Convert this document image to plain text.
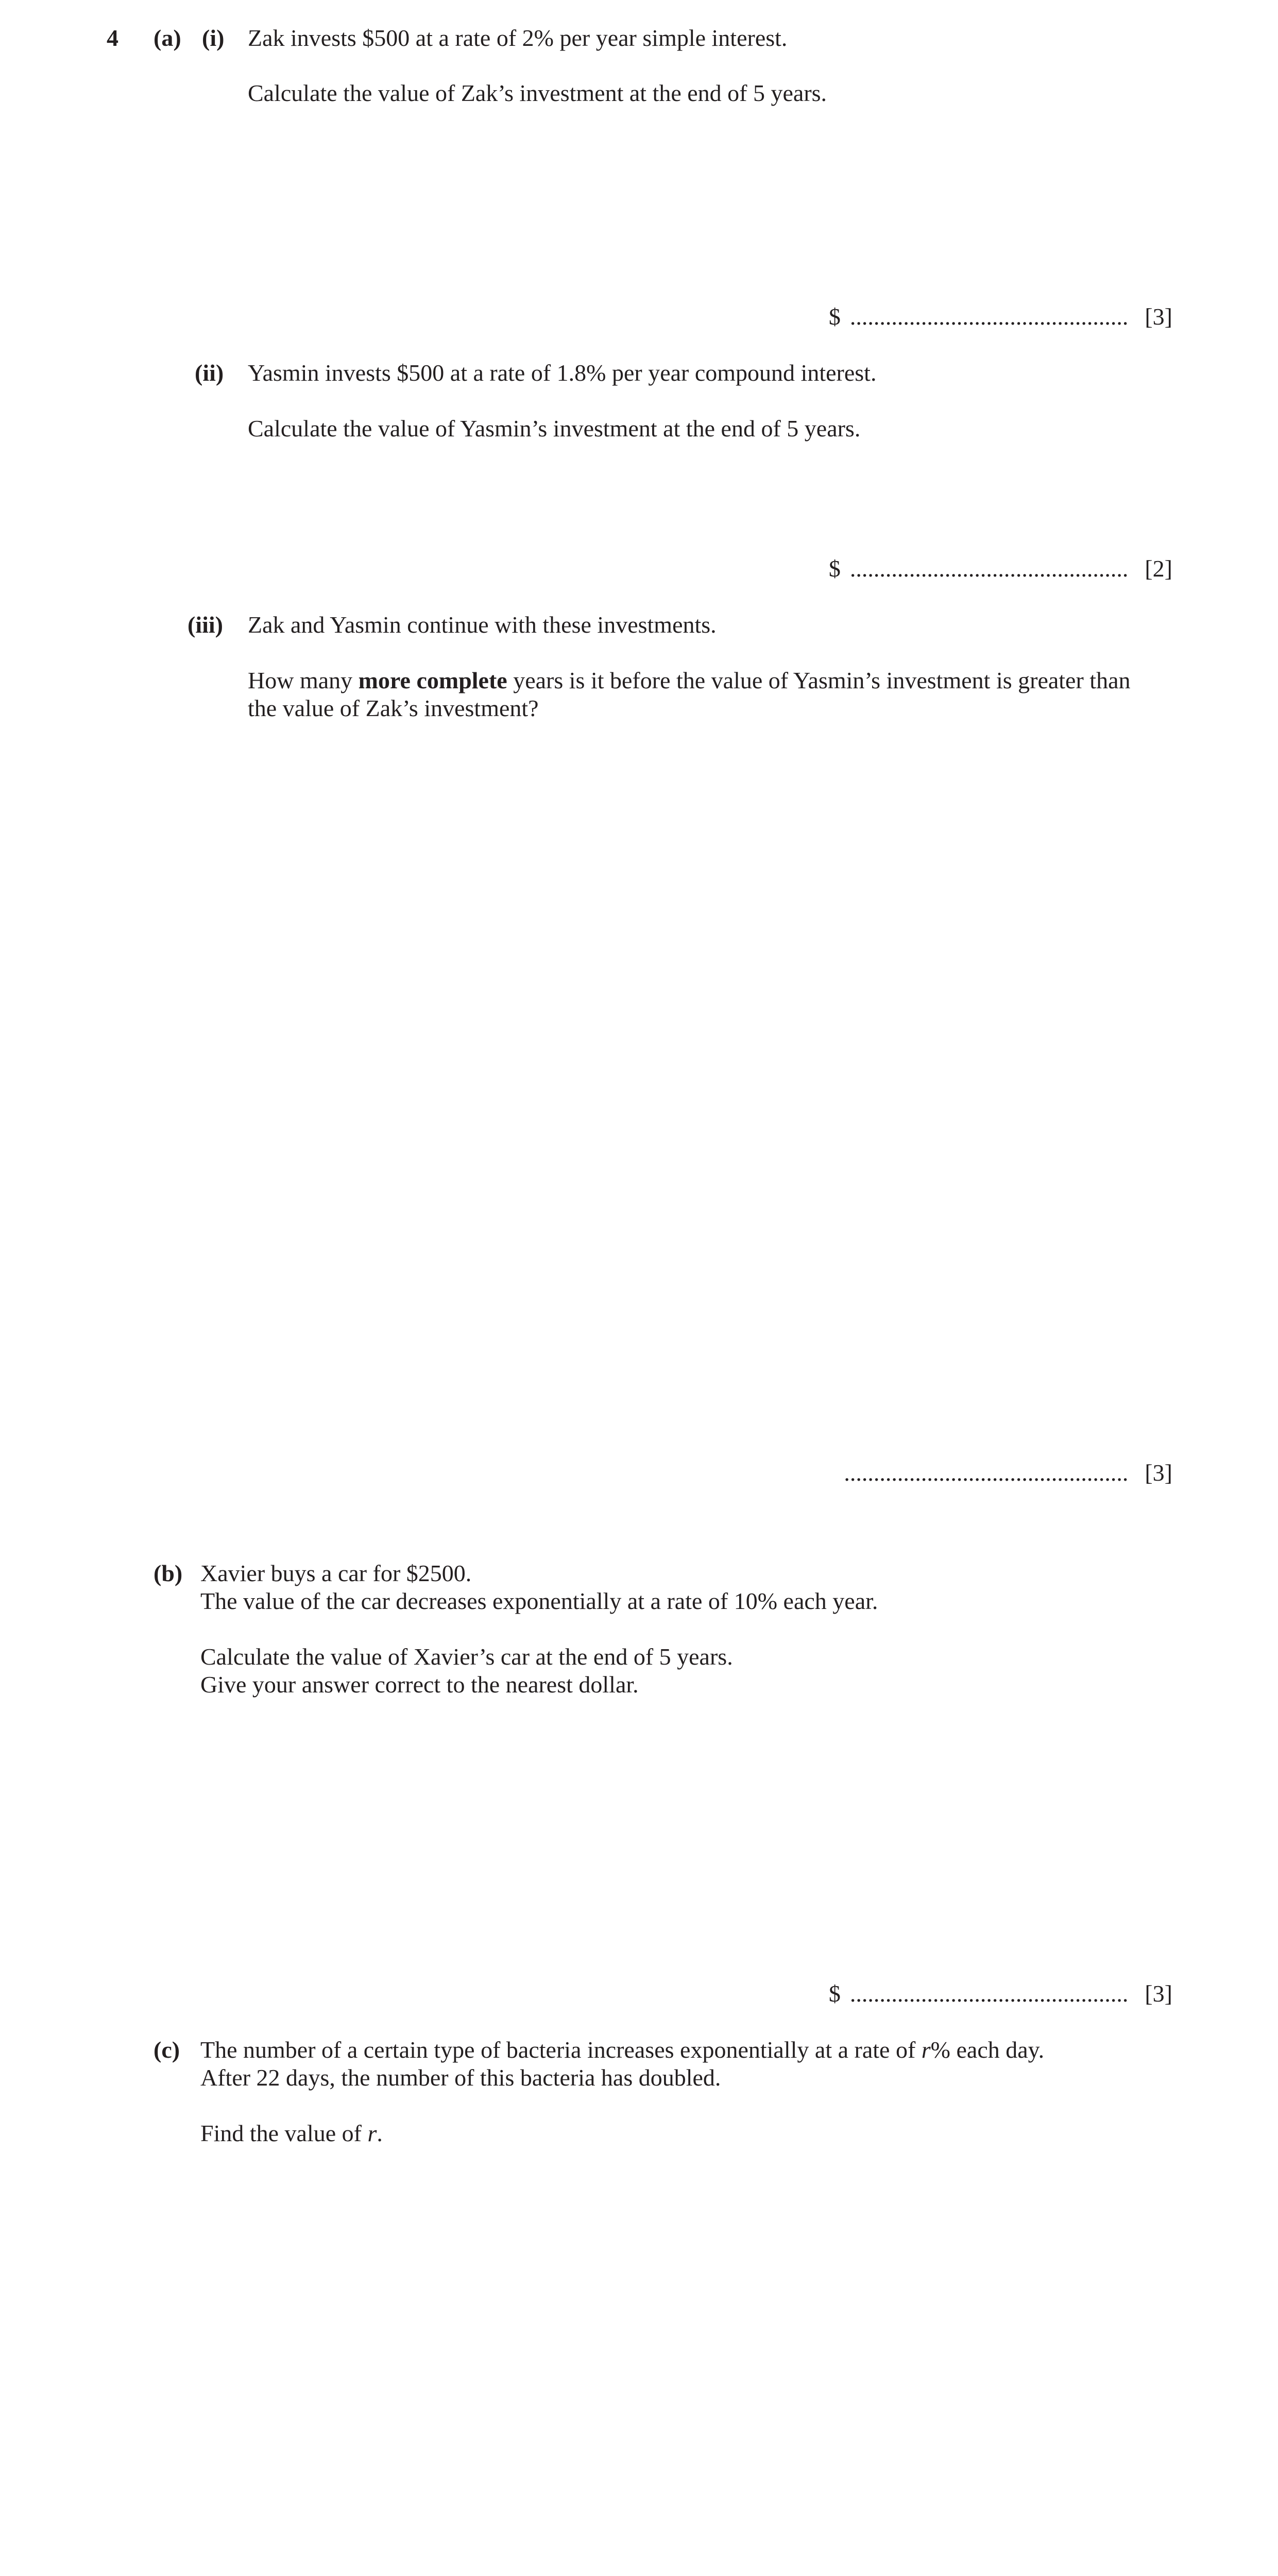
4 (a) (i) Zak invests $500 at a rate of 2% per year simple interest.
Calculate the value of Zak’s investment at the end of 5 years.
$ ............................................... [3]
(ii) Yasmin invests $500 at a rate of 1.8% per year compound interest.
Calculate the value of Yasmin’s investment at the end of 5 years.
$ ............................................... [2]
(iii) Zak and Yasmin continue with these investments.
How many more complete years is it before the value of Yasmin’s investment is greater than
the value of Zak’s investment?
................................................ [3]
(b) Xavier buys a car for $2500.
The value of the car decreases exponentially at a rate of 10% each year.
Calculate the value of Xavier’s car at the end of 5 years.
Give your answer correct to the nearest dollar.
$ ............................................... [3]
(c) The number of a certain type of bacteria increases exponentially at a rate of r% each day.
After 22 days, the number of this bacteria has doubled.
Find the value of r.
